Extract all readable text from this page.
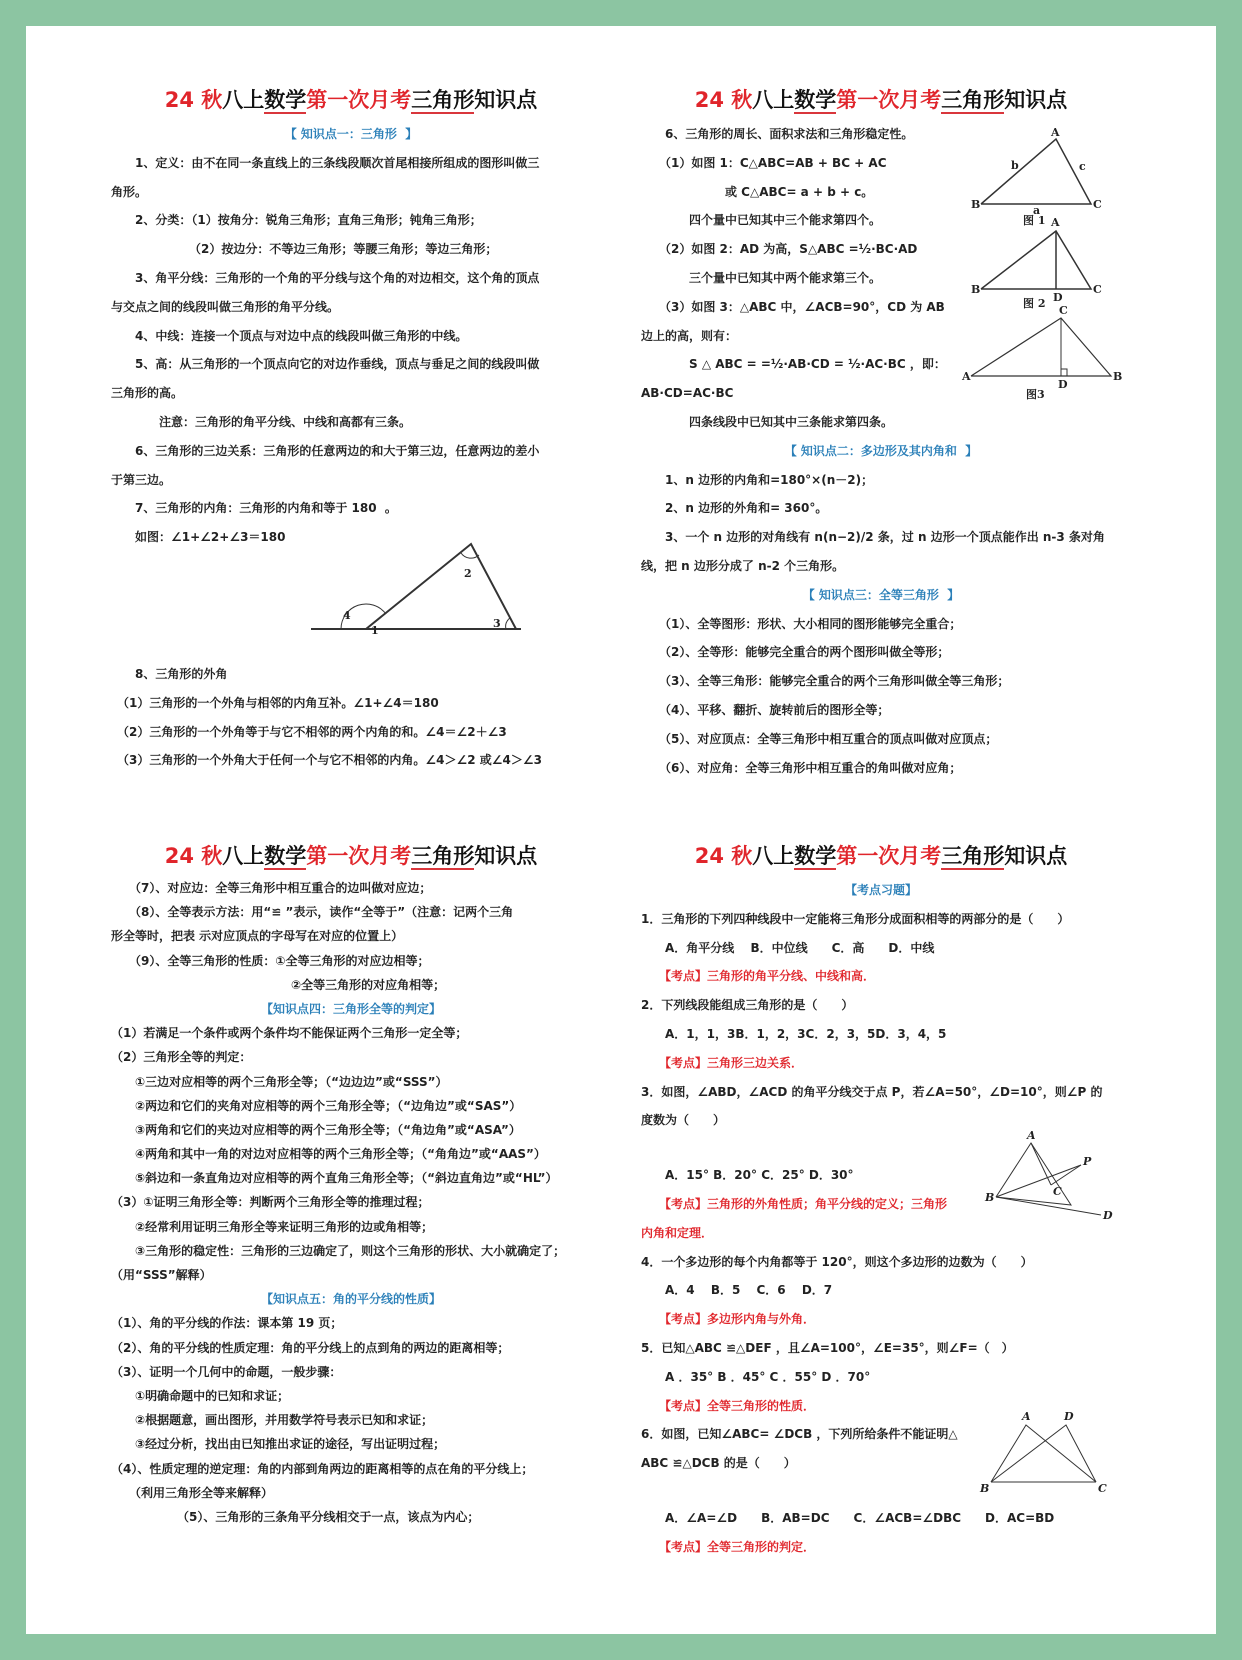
24 秋八上数学第一次月考三角形知识点
【 知识点一：三角形  】
　　1、定义：由不在同一条直线上的三条线段顺次首尾相接所组成的图形叫做三
角形。
　　2、分类：（1）按角分：锐角三角形；直角三角形；钝角三角形；
　　　　　　　（2）按边分：不等边三角形；等腰三角形；等边三角形；
　　3、角平分线：三角形的一个角的平分线与这个角的对边相交，这个角的顶点
与交点之间的线段叫做三角形的角平分线。
　　4、中线：连接一个顶点与对边中点的线段叫做三角形的中线。
　　5、高：从三角形的一个顶点向它的对边作垂线，顶点与垂足之间的线段叫做
三角形的高。
　　　　注意：三角形的角平分线、中线和高都有三条。
　　6、三角形的三边关系：三角形的任意两边的和大于第三边，任意两边的差小
于第三边。
　　7、三角形的内角：三角形的内角和等于 180  。
　　如图：∠1+∠2+∠3＝180
　　8、三角形的外角
　（1）三角形的一个外角与相邻的内角互补。∠1+∠4＝180
　（2）三角形的一个外角等于与它不相邻的两个内角的和。∠4＝∠2＋∠3
　（3）三角形的一个外角大于任何一个与它不相邻的内角。∠4＞∠2 或∠4＞∠3
4
1
2
3
24 秋八上数学第一次月考三角形知识点
　　6、三角形的周长、面积求法和三角形稳定性。
　　（1）如图 1：C△ABC=AB + BC + AC
　　　　　　　或 C△ABC= a + b + c。
　　　　四个量中已知其中三个能求第四个。
　　（2）如图 2：AD 为高，S△ABC =½·BC·AD
　　　　三个量中已知其中两个能求第三个。
　　（3）如图 3：△ABC 中，∠ACB=90°，CD 为 AB
边上的高，则有：
　　　　S △ ABC = =½·AB·CD = ½·AC·BC ，即：
AB·CD=AC·BC
　　　　四条线段中已知其中三条能求第四条。
【 知识点二：多边形及其内角和  】
　　1、n 边形的内角和=180°×(n－2)；
　　2、n 边形的外角和= 360°。
　　3、一个 n 边形的对角线有 n(n−2)/2 条，过 n 边形一个顶点能作出 n-3 条对角
线，把 n 边形分成了 n-2 个三角形。
【 知识点三：全等三角形  】
　　（1）、全等图形：形状、大小相同的图形能够完全重合；
　　（2）、全等形：能够完全重合的两个图形叫做全等形；
　　（3）、全等三角形：能够完全重合的两个三角形叫做全等三角形；
　　（4）、平移、翻折、旋转前后的图形全等；
　　（5）、对应顶点：全等三角形中相互重合的顶点叫做对应顶点；
　　（6）、对应角：全等三角形中相互重合的角叫做对应角；
A
B	C
b	c
a
图 1 A
B	C
D
图 2
A	B
C
D
图3
24 秋八上数学第一次月考三角形知识点
　　（7）、对应边：全等三角形中相互重合的边叫做对应边；
　　（8）、全等表示方法：用“≌ ”表示，读作“全等于”（注意：记两个三角
形全等时，把表 示对应顶点的字母写在对应的位置上）
　　（9）、全等三角形的性质：①全等三角形的对应边相等；
　　　　　　　　　　　　　　　②全等三角形的对应角相等；
【知识点四：三角形全等的判定】
（1）若满足一个条件或两个条件均不能保证两个三角形一定全等；
（2）三角形全等的判定：
　　①三边对应相等的两个三角形全等；（“边边边”或“SSS”）
　　②两边和它们的夹角对应相等的两个三角形全等；（“边角边”或“SAS”）
　　③两角和它们的夹边对应相等的两个三角形全等；（“角边角”或“ASA”）
　　④两角和其中一角的对边对应相等的两个三角形全等；（“角角边”或“AAS”）
　　⑤斜边和一条直角边对应相等的两个直角三角形全等；（“斜边直角边”或“HL”）
（3）①证明三角形全等：判断两个三角形全等的推理过程；
　　②经常利用证明三角形全等来证明三角形的边或角相等；
　　③三角形的稳定性：三角形的三边确定了，则这个三角形的形状、大小就确定了；
（用“SSS”解释）
【知识点五：角的平分线的性质】
（1）、角的平分线的作法：课本第 19 页；
（2）、角的平分线的性质定理：角的平分线上的点到角的两边的距离相等；
（3）、证明一个几何中的命题，一般步骤：
　　①明确命题中的已知和求证；
　　②根据题意，画出图形，并用数学符号表示已知和求证；
　　③经过分析，找出由已知推出求证的途径，写出证明过程；
（4）、性质定理的逆定理：角的内部到角两边的距离相等的点在角的平分线上；
　　（利用三角形全等来解释）
　　　　　　（5）、三角形的三条角平分线相交于一点，该点为内心；
24 秋八上数学第一次月考三角形知识点
【考点习题】
1．三角形的下列四种线段中一定能将三角形分成面积相等的两部分的是（　　）
　　A．角平分线　 B．中位线　　C．高　　D．中线
　　【考点】三角形的角平分线、中线和高．
2．下列线段能组成三角形的是（　　）
　　A．1，1，3B．1，2，3C．2，3，5D．3，4，5
　　【考点】三角形三边关系．
3．如图，∠ABD，∠ACD 的角平分线交于点 P，若∠A=50°，∠D=10°，则∠P 的
度数为（　　）
　　A．15° B．20° C．25° D．30°
　　【考点】三角形的外角性质；角平分线的定义；三角形
内角和定理．
4．一个多边形的每个内角都等于 120°，则这个多边形的边数为（　　）
　　A．4　 B．5　 C．6　 D．7
　　【考点】多边形内角与外角．
5．已知△ABC ≌△DEF ，且∠A=100°，∠E=35°，则∠F=（　）
　　A ．35° B ．45° C ．55° D ．70°
　　【考点】全等三角形的性质．
6．如图，已知∠ABC= ∠DCB ，下列所给条件不能证明△
ABC ≌△DCB 的是（　　）
　　A．∠A=∠D　　B．AB=DC　　C．∠ACB=∠DBC　　D．AC=BD
　　【考点】全等三角形的判定．
A
B	C
D
P
A	D
B	C
